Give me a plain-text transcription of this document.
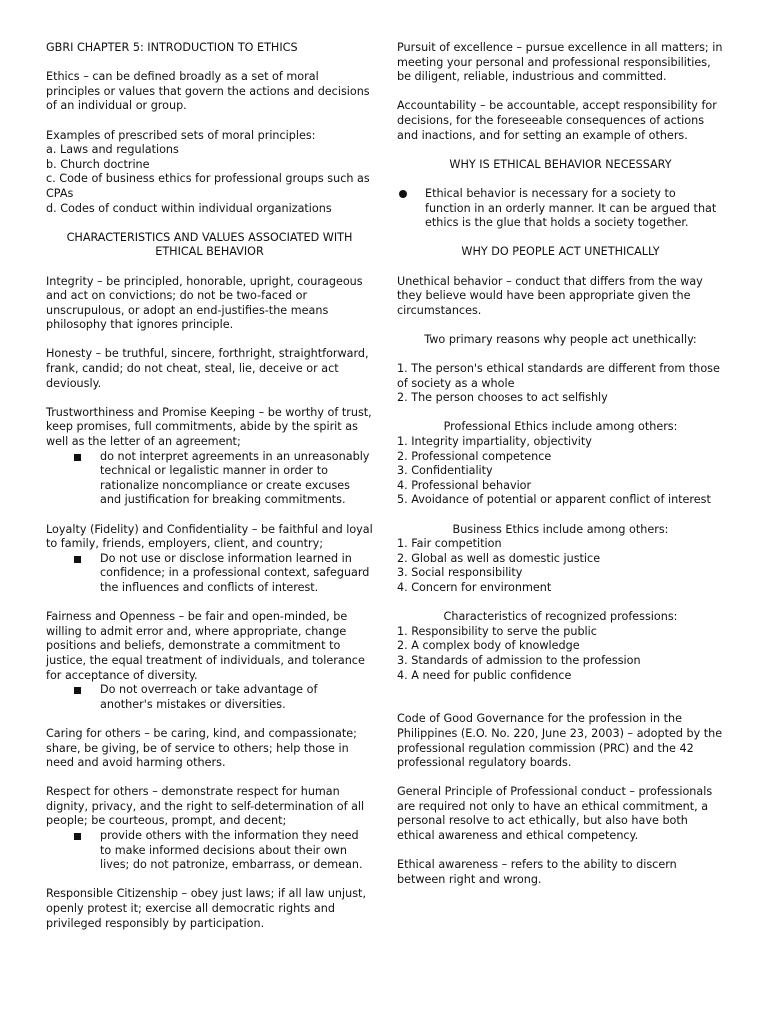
GBRI CHAPTER 5: INTRODUCTION TO ETHICS

Ethics – can be defined broadly as a set of moral principles or values that govern the actions and decisions of an individual or group.

Examples of prescribed sets of moral principles:
a. Laws and regulations
b. Church doctrine
c. Code of business ethics for professional groups such as CPAs
d. Codes of conduct within individual organizations

CHARACTERISTICS AND VALUES ASSOCIATED WITH ETHICAL BEHAVIOR

Integrity – be principled, honorable, upright, courageous and act on convictions; do not be two-faced or unscrupulous, or adopt an end-justifies-the means philosophy that ignores principle.

Honesty – be truthful, sincere, forthright, straightforward, frank, candid; do not cheat, steal, lie, deceive or act deviously.

Trustworthiness and Promise Keeping – be worthy of trust, keep promises, full commitments, abide by the spirit as well as the letter of an agreement;
do not interpret agreements in an unreasonably technical or legalistic manner in order to rationalize noncompliance or create excuses and justification for breaking commitments.
Loyalty (Fidelity) and Confidentiality – be faithful and loyal to family, friends, employers, client, and country;
Do not use or disclose information learned in confidence; in a professional context, safeguard the influences and conflicts of interest.
Fairness and Openness – be fair and open-minded, be willing to admit error and, where appropriate, change positions and beliefs, demonstrate a commitment to justice, the equal treatment of individuals, and tolerance for acceptance of diversity.
Do not overreach or take advantage of another's mistakes or diversities.

Caring for others – be caring, kind, and compassionate; share, be giving, be of service to others; help those in need and avoid harming others.

Respect for others – demonstrate respect for human dignity, privacy, and the right to self-determination of all people; be courteous, prompt, and decent;
provide others with the information they need to make informed decisions about their own lives; do not patronize, embarrass, or demean.

Responsible Citizenship – obey just laws; if all law unjust, openly protest it; exercise all democratic rights and privileged responsibly by participation.

Pursuit of excellence – pursue excellence in all matters; in meeting your personal and professional responsibilities, be diligent, reliable, industrious and committed.

Accountability – be accountable, accept responsibility for decisions, for the foreseeable consequences of actions and inactions, and for setting an example of others.

WHY IS ETHICAL BEHAVIOR NECESSARY

Ethical behavior is necessary for a society to function in an orderly manner. It can be argued that ethics is the glue that holds a society together.

WHY DO PEOPLE ACT UNETHICALLY

Unethical behavior – conduct that differs from the way they believe would have been appropriate given the circumstances.

Two primary reasons why people act unethically:

1. The person's ethical standards are different from those of society as a whole
2. The person chooses to act selfishly
Professional Ethics include among others:
1. Integrity impartiality, objectivity
2. Professional competence
3. Confidentiality
4. Professional behavior
5. Avoidance of potential or apparent conflict of interest
Business Ethics include among others:
1. Fair competition
2. Global as well as domestic justice
3. Social responsibility
4. Concern for environment
Characteristics of recognized professions:
1. Responsibility to serve the public
2. A complex body of knowledge
3. Standards of admission to the profession
4. A need for public confidence

Code of Good Governance for the profession in the Philippines (E.O. No. 220, June 23, 2003) – adopted by the professional regulation commission (PRC) and the 42 professional regulatory boards.

General Principle of Professional conduct – professionals are required not only to have an ethical commitment, a personal resolve to act ethically, but also have both ethical awareness and ethical competency.

Ethical awareness – refers to the ability to discern between right and wrong.
